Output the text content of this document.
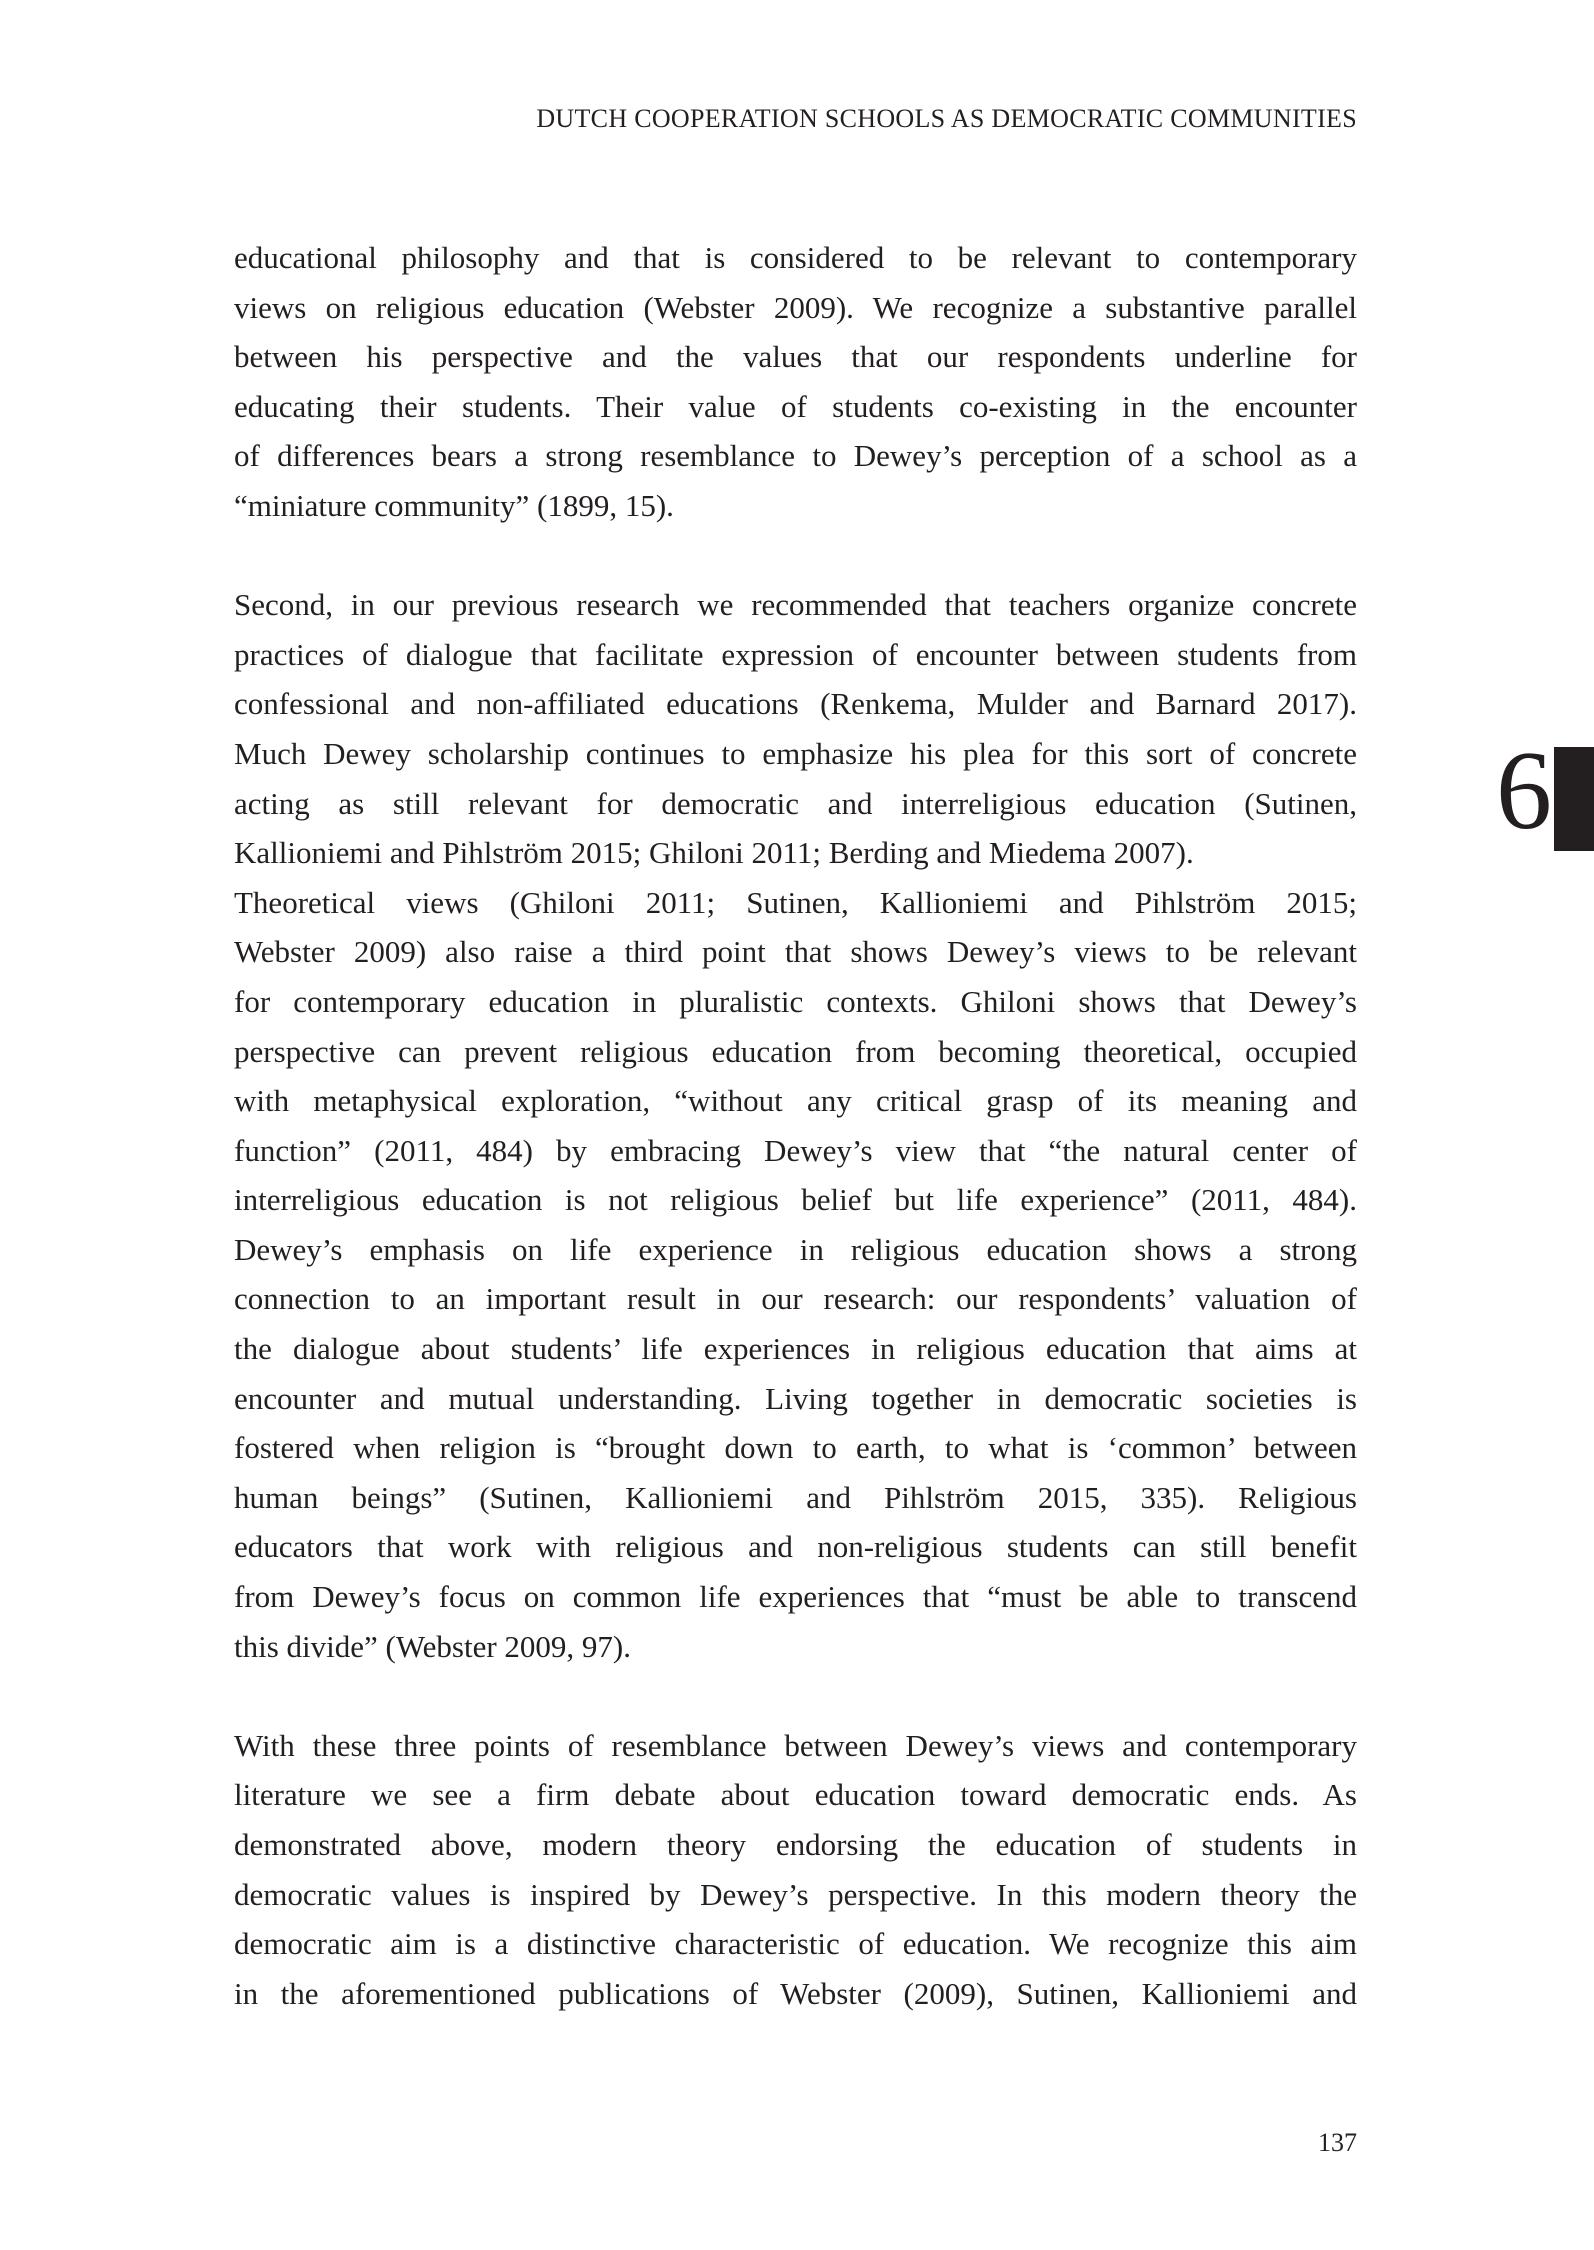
DUTCH COOPERATION SCHOOLS AS DEMOCRATIC COMMUNITIES
educational philosophy and that is considered to be relevant to contemporary
views on religious education (Webster 2009). We recognize a substantive parallel
between his perspective and the values that our respondents underline for
educating their students. Their value of students co-existing in the encounter
of differences bears a strong resemblance to Dewey’s perception of a school as a
“miniature community” (1899, 15).
Second, in our previous research we recommended that teachers organize concrete
practices of dialogue that facilitate expression of encounter between students from
confessional and non-affiliated educations (Renkema, Mulder and Barnard 2017).
Much Dewey scholarship continues to emphasize his plea for this sort of concrete
acting as still relevant for democratic and interreligious education (Sutinen,
Kallioniemi and Pihlström 2015; Ghiloni 2011; Berding and Miedema 2007).
Theoretical views (Ghiloni 2011; Sutinen, Kallioniemi and Pihlström 2015;
Webster 2009) also raise a third point that shows Dewey’s views to be relevant
for contemporary education in pluralistic contexts. Ghiloni shows that Dewey’s
perspective can prevent religious education from becoming theoretical, occupied
with metaphysical exploration, “without any critical grasp of its meaning and
function” (2011, 484) by embracing Dewey’s view that “the natural center of
interreligious education is not religious belief but life experience” (2011, 484).
Dewey’s emphasis on life experience in religious education shows a strong
connection to an important result in our research: our respondents’ valuation of
the dialogue about students’ life experiences in religious education that aims at
encounter and mutual understanding. Living together in democratic societies is
fostered when religion is “brought down to earth, to what is ‘common’ between
human beings” (Sutinen, Kallioniemi and Pihlström 2015, 335). Religious
educators that work with religious and non-religious students can still benefit
from Dewey’s focus on common life experiences that “must be able to transcend
this divide” (Webster 2009, 97).
With these three points of resemblance between Dewey’s views and contemporary
literature we see a firm debate about education toward democratic ends. As
demonstrated above, modern theory endorsing the education of students in
democratic values is inspired by Dewey’s perspective. In this modern theory the
democratic aim is a distinctive characteristic of education. We recognize this aim
in the aforementioned publications of Webster (2009), Sutinen, Kallioniemi and
6
137
